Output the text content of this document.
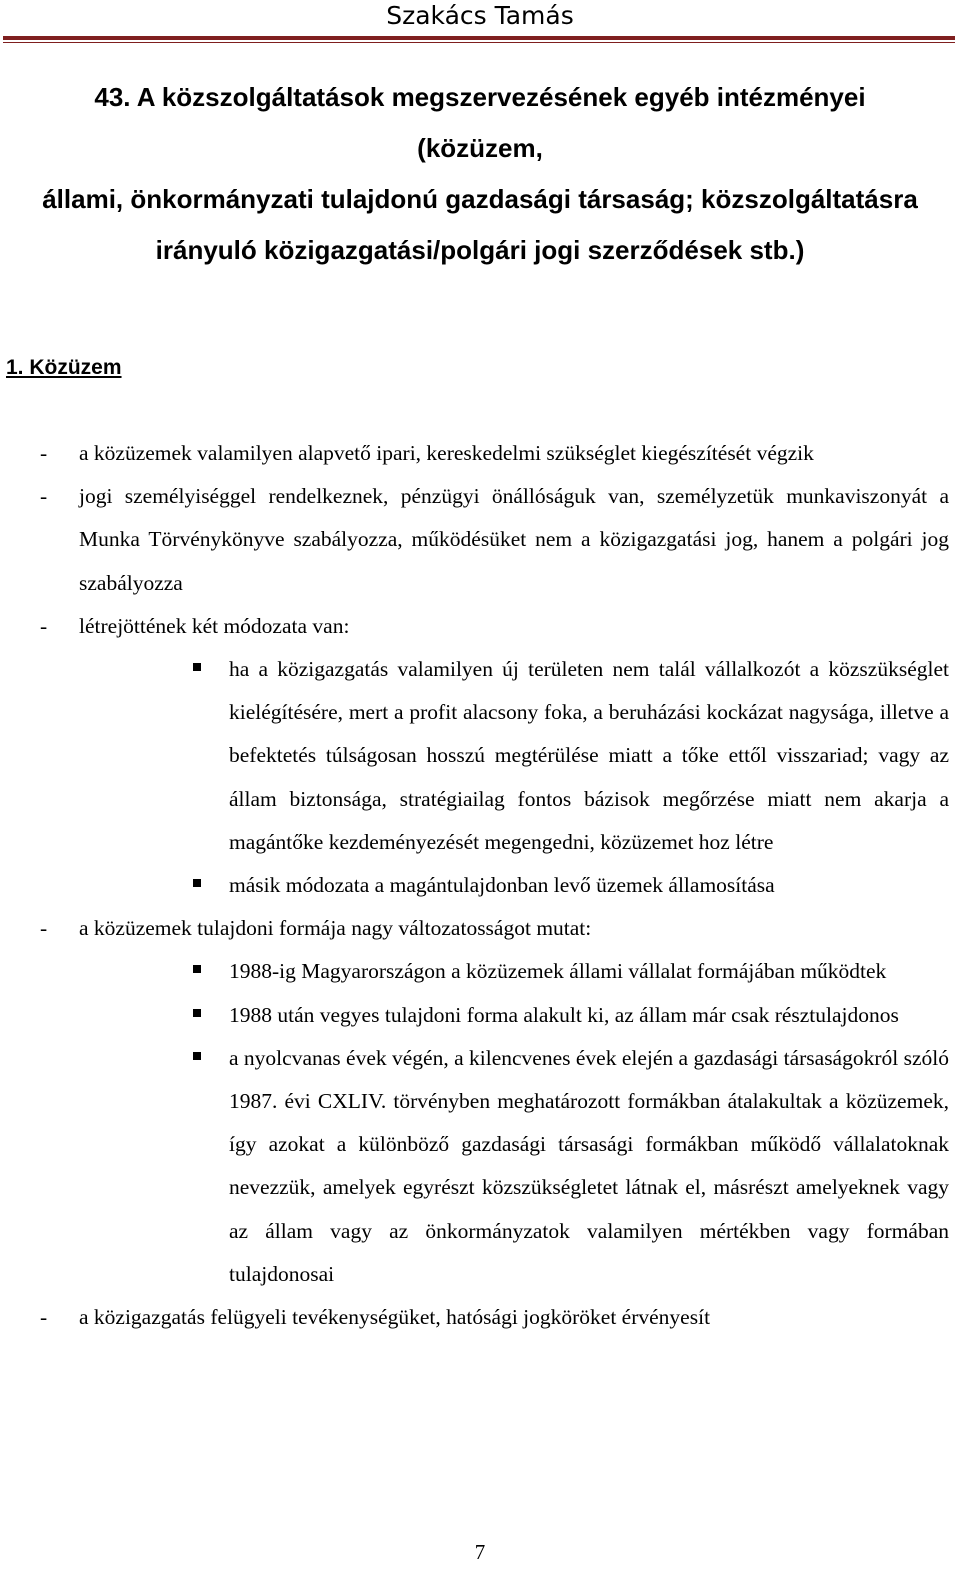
Szakács Tamás
43. A közszolgáltatások megszervezésének egyéb intézményei (közüzem,
állami, önkormányzati tulajdonú gazdasági társaság; közszolgáltatásra
irányuló közigazgatási/polgári jogi szerződések stb.)
1. Közüzem
- a közüzemek valamilyen alapvető ipari, kereskedelmi szükséglet kiegészítését végzik
- jogi személyiséggel rendelkeznek, pénzügyi önállóságuk van, személyzetük munkaviszonyát a Munka Törvénykönyve szabályozza, működésüket nem a közigazgatási jog, hanem a polgári jog szabályozza
- létrejöttének két módozata van:
ha a közigazgatás valamilyen új területen nem talál vállalkozót a közszükséglet kielégítésére, mert a profit alacsony foka, a beruházási kockázat nagysága, illetve a befektetés túlságosan hosszú megtérülése miatt a tőke ettől visszariad; vagy az állam biztonsága, stratégiailag fontos bázisok megőrzése miatt nem akarja a magántőke kezdeményezését megengedni, közüzemet hoz létre
másik módozata a magántulajdonban levő üzemek államosítása
- a közüzemek tulajdoni formája nagy változatosságot mutat:
1988-ig Magyarországon a közüzemek állami vállalat formájában működtek
1988 után vegyes tulajdoni forma alakult ki, az állam már csak résztulajdonos
a nyolcvanas évek végén, a kilencvenes évek elején a gazdasági társaságokról szóló 1987. évi CXLIV. törvényben meghatározott formákban átalakultak a közüzemek, így azokat a különböző gazdasági társasági formákban működő vállalatoknak nevezzük, amelyek egyrészt közszükségletet látnak el, másrészt amelyeknek vagy az állam vagy az önkormányzatok valamilyen mértékben vagy formában tulajdonosai
- a közigazgatás felügyeli tevékenységüket, hatósági jogköröket érvényesít
7
